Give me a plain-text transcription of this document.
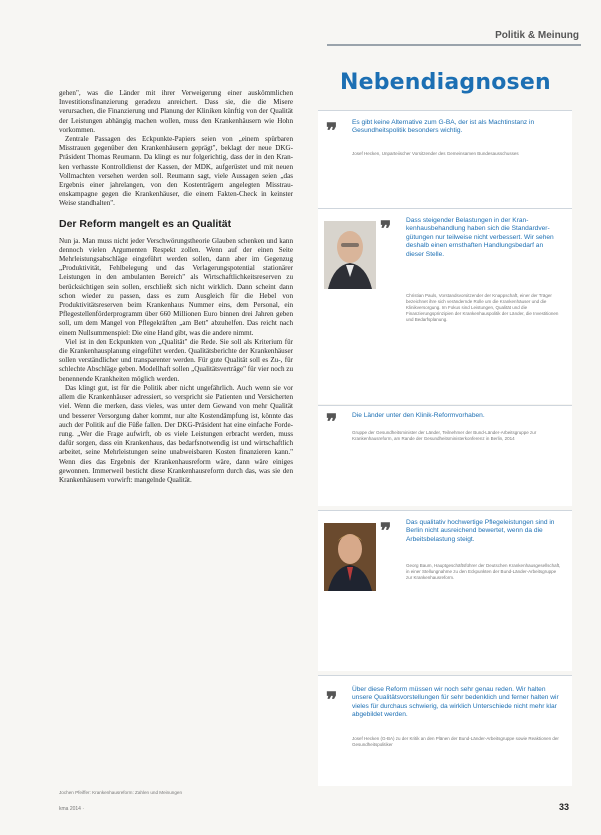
Politik & Meinung

gehen", was die Länder mit ihrer Verweigerung einer auskömmlichen Investitionsfinanzierung geradezu anreichert. Dass sie, die die Misere verursachen, die Finanzierung und Planung der Kliniken künftig von der Qualität der Leistungen abhängig machen wollen, muss den Krankenhäusern wie Hohn vorkommen.

Zentrale Passagen des Eckpunkte-Papiers seien von „einem spürbaren Misstrauen gegenüber den Krankenhäusern geprägt", beklagt der neue DKG-Präsident Thomas Reumann. Da klingt es nur folgerichtig, dass der in den Kranken verhasste Kontrolldienst der Kassen, der MDK, aufgerüstet und mit neuen Vollmachten versehen werden soll. Reumann sagt, viele Aussagen seien „das Ergebnis einer jahrelangen, von den Kostenträgern angelegten Misstrauenskampagne gegen die Krankenhäuser, die einem Fakten-Check in keinster Weise standhalten".

Der Reform mangelt es an Qualität

Nun ja. Man muss nicht jeder Verschwörungstheorie Glauben schenken und kann dennoch vielen Argumenten Respekt zollen. Wenn auf der einen Seite Mehrleistungsabschläge eingeführt werden sollen, dann aber im Gegenzug „Produktivität, Fehlbelegung und das Verlagerungspotential stationärer Leistungen in den ambulanten Bereich" als Wirtschaftlichkeitsreserven zu berücksichtigen sein sollen, erschließt sich nicht wirklich. Dann scheint dann schon wieder zu passen, dass es zum Ausgleich für die Hebel von Produktivitätsreserven beim Krankenhaus Nummer eins, dem Personal, ein Pflegestellenförderprogramm über 660 Millionen Euro binnen drei Jahren geben soll, um dem Mangel von Pflegekräften „am Bett" abzuhelfen. Das reicht nach einem Nullsummenspiel: Die eine Hand gibt, was die andere nimmt.

Viel ist in den Eckpunkten von „Qualität" die Rede. Sie soll als Kriterium für die Krankenhausplanung eingeführt werden. Qualitätsberichte der Krankenhäuser sollen verständlicher und transparenter werden. Für gute Qualität soll es Zu-, für schlechte Abschläge geben. Modellhaft sollen „Qualitätsverträge" für vier noch zu benennende Krankheiten möglich werden.

Das klingt gut, ist für die Politik aber nicht ungefährlich. Auch wenn sie vor allem die Krankenhäuser adressiert, so verspricht sie Patienten und Versicherten viel. Wenn die merken, dass vieles, was unter dem Gewand von mehr Qualität und besserer Versorgung daher kommt, nur alte Kostendämpfung ist, könnte das auch der Politik auf die Füße fallen. Der DKG-Präsident hat eine einfache Forderung. „Wer die Frage aufwirft, ob es viele Leistungen erbracht werden, muss dafür sorgen, dass ein Krankenhaus, das bedarfsnotwendig ist und wirtschaftlich arbeitet, seine Mehrleistungen seine unabweisbaren Kosten finanzieren kann." Wenn dies das Ergebnis der Krankenhausreform wäre, dann wäre einiges gewonnen. Immerweil besticht diese Krankenhausreform durch das, was sie den Krankenhäusern vorwirft: mangelnde Qualität.

Jochen Pfeiffer: Krankenhausreform: Zahlen und Meinungen
kma 2014 ·	33
Nebendiagnosen
❞ Es gibt keine Alternative zum G-BA, der ist als Machtinstanz in Gesundheitspolitik besonders wichtig.
Josef Hecken, Unparteiischer Vorsitzender des Gemeinsamen Bundesausschusses
❞ Dass steigender Belastungen in der Krankenhausbehandlung haben sich die Standardvergütungen nur teilweise nicht verbessert. Wir sehen deshalb einen ernsthaften Handlungsbedarf an dieser Stelle.
Christian Pauls, Vorstandsvorsitzender der Knappschaft, einer der Träger bezeichnet ihre sich verändernde Rolle um die Krankenhäuser und die Klinikversorgung. Im Fokus sind Leistungen, Qualität und die Finanzierungsprinzipien der Krankenhauspolitik der Länder, die Investitionen und Bedarfsplanung.
❞ Die Länder unter den Klinik-Reformvorhaben.
Gruppe der Gesundheitsminister der Länder, Teilnehmer der Bund-Länder-Arbeitsgruppe zur Krankenhausreform, am Rande der Gesundheitsministerkonferenz in Berlin, 2014
❞ Das qualitativ hochwertige Pflegeleistungen sind in Berlin nicht ausreichend bewertet, wenn da die Arbeitsbelastung steigt.
Georg Baum, Hauptgeschäftsführer der Deutschen Krankenhausgesellschaft, in einer Stellungnahme zu den Eckpunkten der Bund-Länder-Arbeitsgruppe zur Krankenhausreform.
❞ Über diese Reform müssen wir noch sehr genau reden. Wir halten unsere Qualitätsvorstellungen für sehr bedenklich und ferner halten wir vieles für durchaus schwierig, da wirklich Unterschiede nicht mehr klar abgebildet werden.
Josef Hecken (G-BA) zu der Kritik an den Plänen der Bund-Länder-Arbeitsgruppe sowie Reaktionen der Gesundheitspolitiker
